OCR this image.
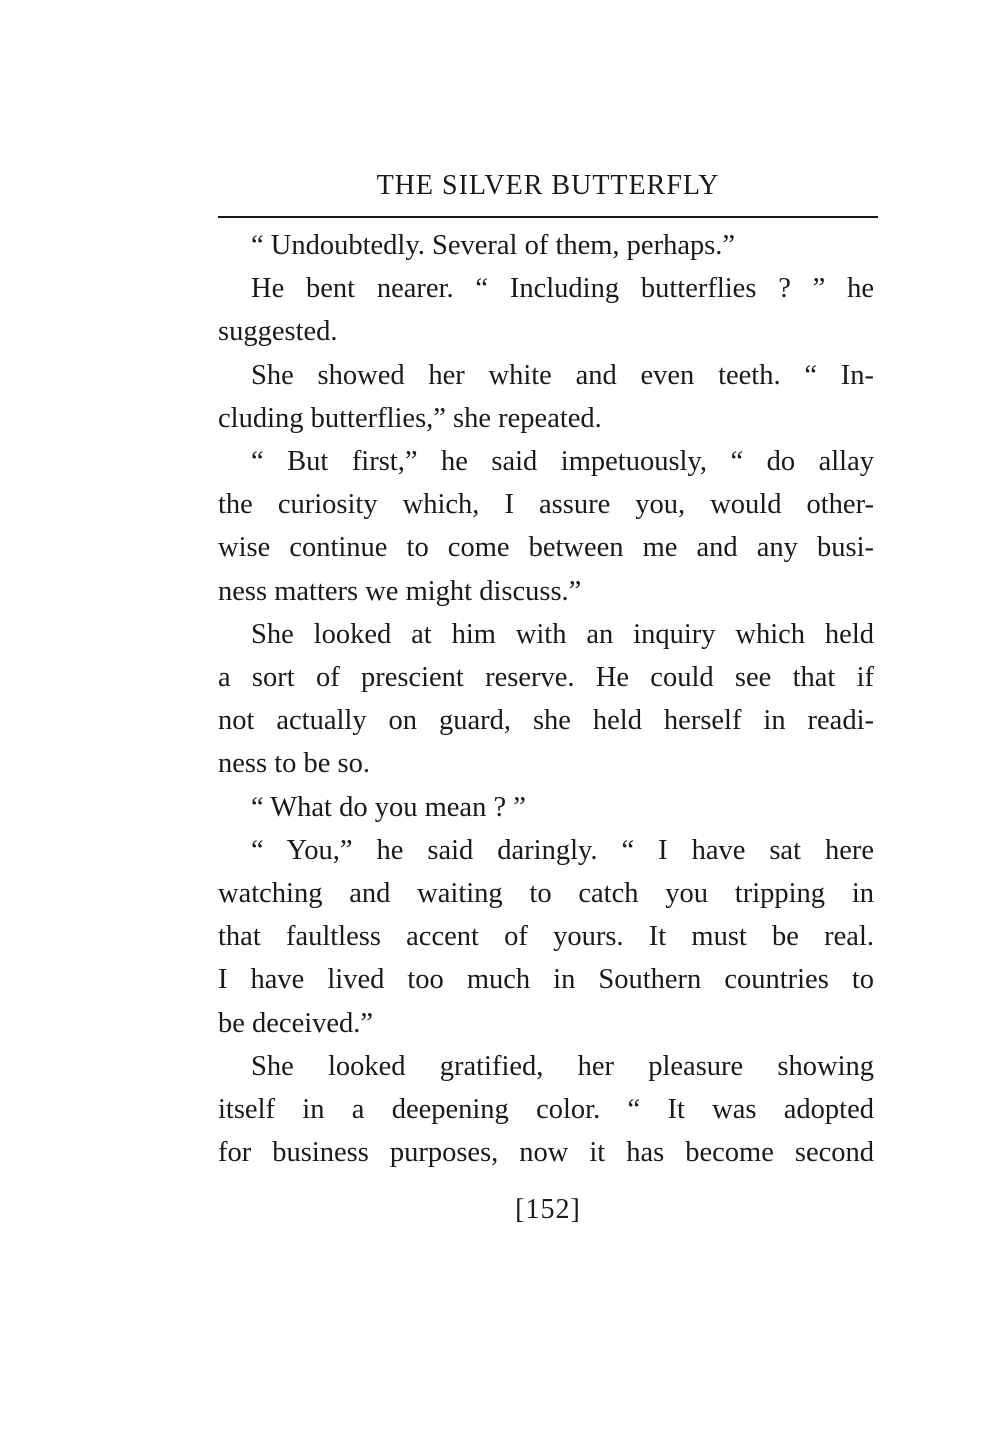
THE SILVER BUTTERFLY

“ Undoubtedly. Several of them, perhaps.”

He bent nearer. “ Including butterflies ? ” he
suggested.

She showed her white and even teeth. “ In-
cluding butterflies,” she repeated.

“ But first,” he said impetuously, “ do allay
the curiosity which, I assure you, would other-
wise continue to come between me and any busi-
ness matters we might discuss.”

She looked at him with an inquiry which held
a sort of prescient reserve. He could see that if
not actually on guard, she held herself in readi-
ness to be so.

“ What do you mean ? ”

“ You,” he said daringly. “ I have sat here
watching and waiting to catch you tripping in
that faultless accent of yours. It must be real.
I have lived too much in Southern countries to
be deceived.”

She looked gratified, her pleasure showing
itself in a deepening color. “ It was adopted
for business purposes, now it has become second

[152]
